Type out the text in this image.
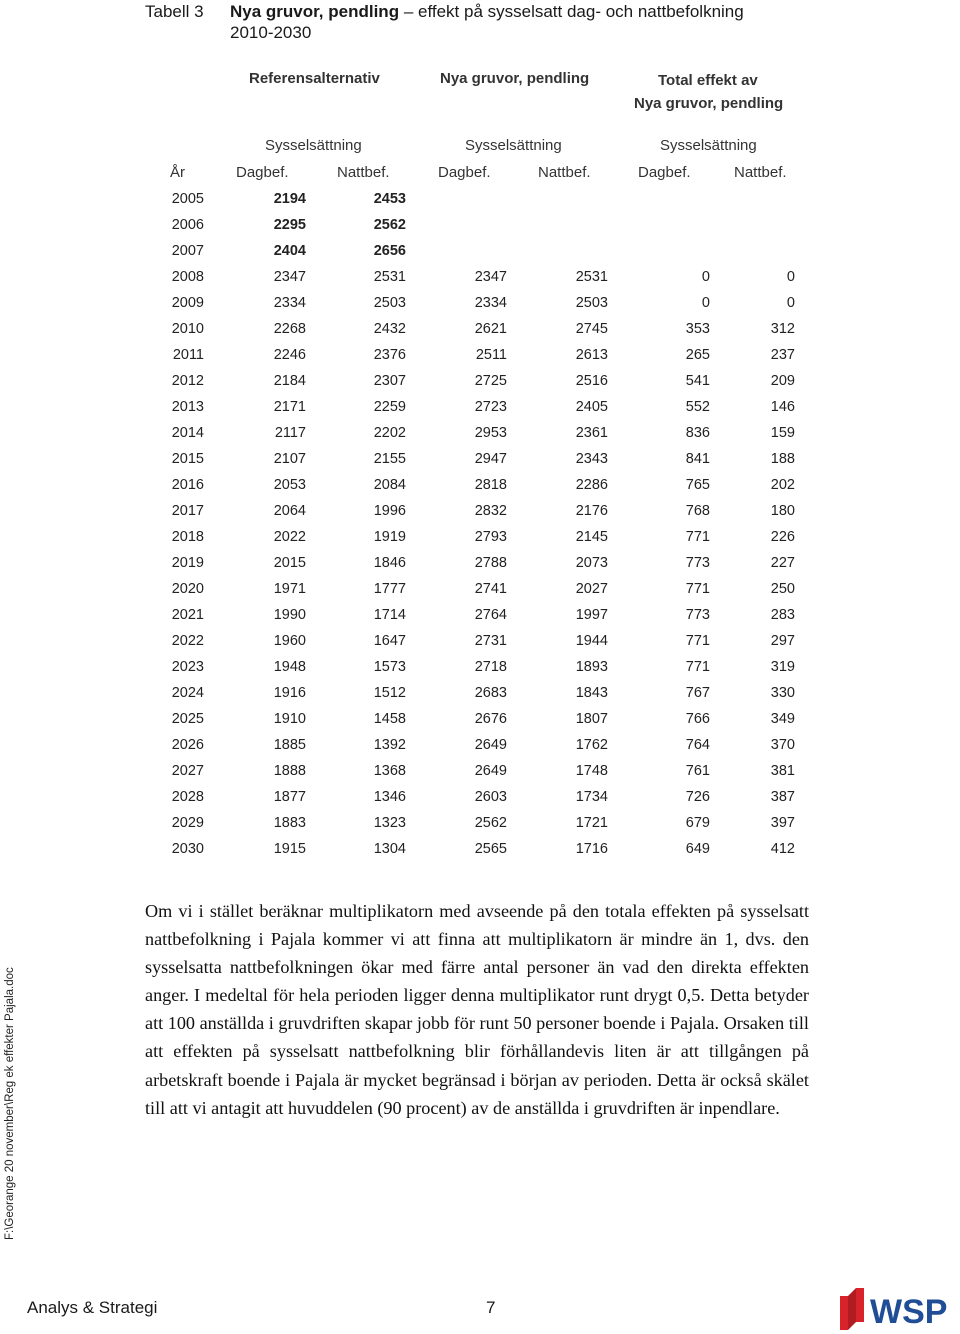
Tabell 3 Nya gruvor, pendling – effekt på sysselsatt dag- och nattbefolkning
2010-2030
Referensalternativ	Nya gruvor, pendling	Total effekt av
Nya gruvor, pendling
Sysselsättning	Sysselsättning	Sysselsättning
År	Dagbef.	Nattbef.	Dagbef.	Nattbef.	Dagbef.	Nattbef.
2005	2194	2453
2006	2295	2562
2007	2404	2656
2008	2347	2531	2347	2531	0	0
2009	2334	2503	2334	2503	0	0
2010	2268	2432	2621	2745	353	312
2011	2246	2376	2511	2613	265	237
2012	2184	2307	2725	2516	541	209
2013	2171	2259	2723	2405	552	146
2014	2117	2202	2953	2361	836	159
2015	2107	2155	2947	2343	841	188
2016	2053	2084	2818	2286	765	202
2017	2064	1996	2832	2176	768	180
2018	2022	1919	2793	2145	771	226
2019	2015	1846	2788	2073	773	227
2020	1971	1777	2741	2027	771	250
2021	1990	1714	2764	1997	773	283
2022	1960	1647	2731	1944	771	297
2023	1948	1573	2718	1893	771	319
2024	1916	1512	2683	1843	767	330
2025	1910	1458	2676	1807	766	349
2026	1885	1392	2649	1762	764	370
2027	1888	1368	2649	1748	761	381
2028	1877	1346	2603	1734	726	387
2029	1883	1323	2562	1721	679	397
2030	1915	1304	2565	1716	649	412
Om vi i stället beräknar multiplikatorn med avseende på den totala effekten på sysselsatt nattbefolkning i Pajala kommer vi att finna att multiplikatorn är mindre än 1, dvs. den sysselsatta nattbefolkningen ökar med färre antal personer än vad den direkta effekten anger. I medeltal för hela perioden ligger denna multiplikator runt drygt 0,5. Detta betyder att 100 anställda i gruvdriften skapar jobb för runt 50 personer boende i Pajala. Orsaken till att effekten på sysselsatt nattbefolkning blir förhållandevis liten är att tillgången på arbetskraft boende i Pajala är mycket begränsad i början av perioden. Detta är också skälet till att vi antagit att huvuddelen (90 procent) av de anställda i gruvdriften är inpendlare.
F:\Georange 20 november\Reg ek effekter Pajala.doc
Analys & Strategi	7	WSP
